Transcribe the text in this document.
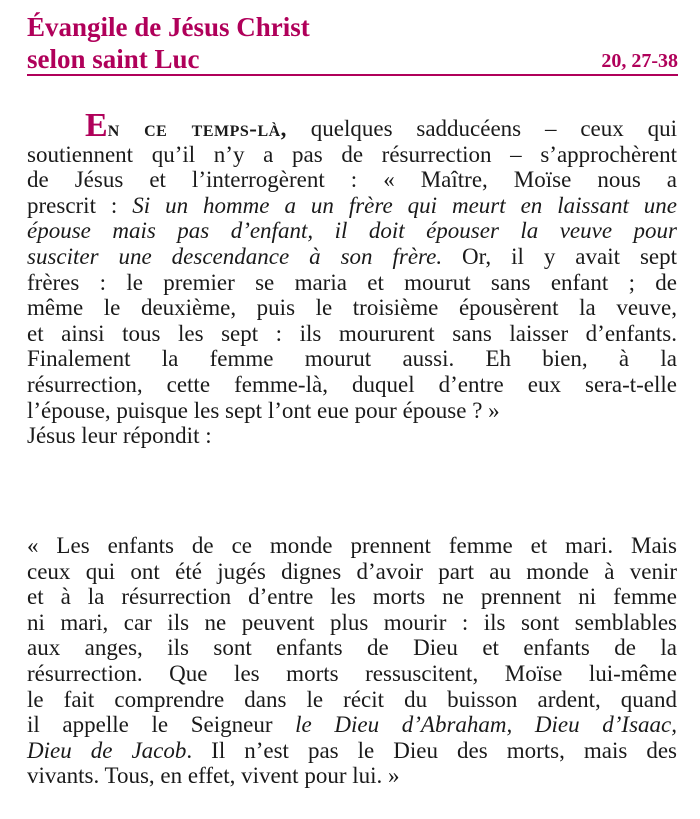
Évangile de Jésus Christ
selon saint Luc	20, 27-38
En ce temps-là, quelques sadducéens – ceux qui
soutiennent qu’il n’y a pas de résurrection – s’approchèrent
de Jésus et l’interrogèrent : « Maître, Moïse nous a
prescrit : Si un homme a un frère qui meurt en laissant une
épouse mais pas d’enfant, il doit épouser la veuve pour
susciter une descendance à son frère. Or, il y avait sept
frères : le premier se maria et mourut sans enfant ; de
même le deuxième, puis le troisième épousèrent la veuve,
et ainsi tous les sept : ils moururent sans laisser d’enfants.
Finalement la femme mourut aussi. Eh bien, à la
résurrection, cette femme-là, duquel d’entre eux sera-t-elle
l’épouse, puisque les sept l’ont eue pour épouse ? »
Jésus leur répondit :
« Les enfants de ce monde prennent femme et mari. Mais
ceux qui ont été jugés dignes d’avoir part au monde à venir
et à la résurrection d’entre les morts ne prennent ni femme
ni mari, car ils ne peuvent plus mourir : ils sont semblables
aux anges, ils sont enfants de Dieu et enfants de la
résurrection. Que les morts ressuscitent, Moïse lui-même
le fait comprendre dans le récit du buisson ardent, quand
il appelle le Seigneur le Dieu d’Abraham, Dieu d’Isaac,
Dieu de Jacob. Il n’est pas le Dieu des morts, mais des
vivants. Tous, en effet, vivent pour lui. »
